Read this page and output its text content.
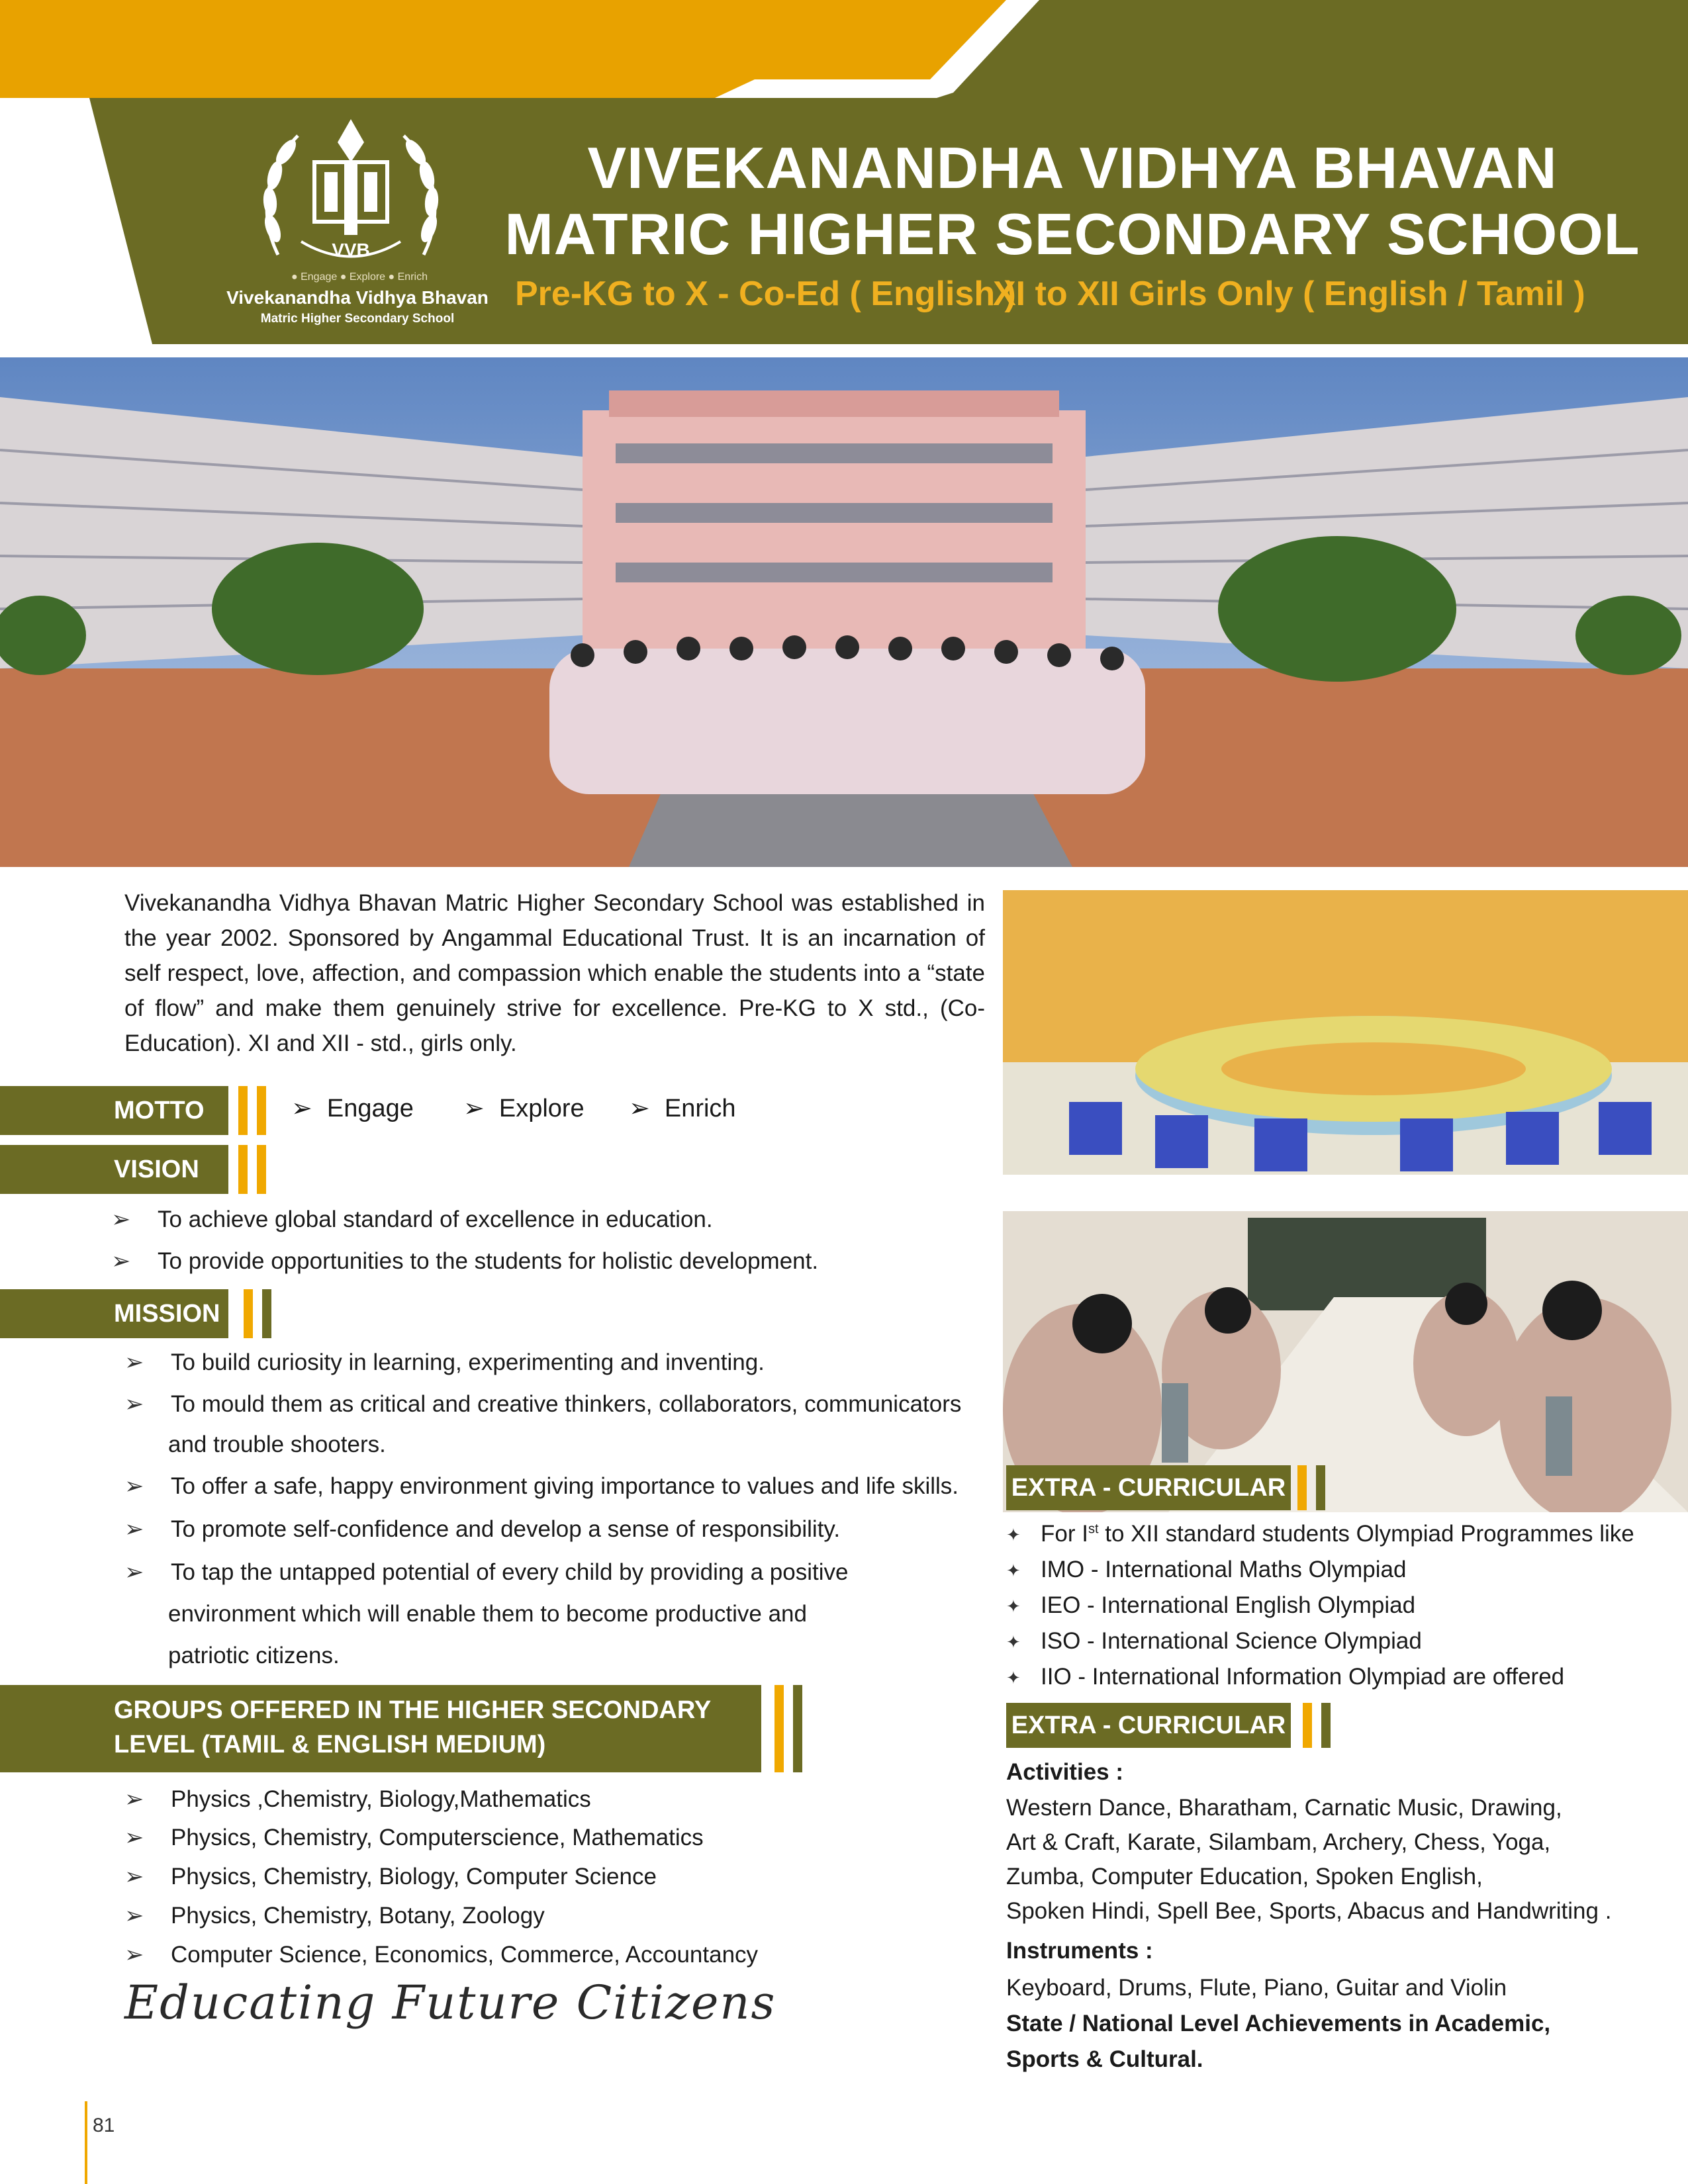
VVB
● Engage ● Explore ● Enrich
Vivekanandha Vidhya Bhavan
Matric Higher Secondary School
VIVEKANANDHA VIDHYA BHAVAN
MATRIC HIGHER SECONDARY SCHOOL
Pre-KG to X - Co-Ed ( English )
XI to XII Girls Only ( English / Tamil )
Vivekanandha Vidhya Bhavan Matric Higher Secondary School was established in the year 2002. Sponsored by Angammal Educational Trust. It is an incarnation of self respect, love, affection, and compassion which enable the students into a “state of flow” and make them genuinely strive for excellence. Pre-KG to X std., (Co-Education). XI and XII - std., girls only.
MOTTO	➢ Engage ➢ Explore ➢ Enrich
VISION
➢ To achieve global standard of excellence in education.
➢ To provide opportunities to the students for holistic development.
MISSION
➢ To build curiosity in learning, experimenting and inventing.
➢ To mould them as critical and creative thinkers, collaborators, communicators
and trouble shooters.
➢ To offer a safe, happy environment giving importance to values and life skills.
➢ To promote self-confidence and develop a sense of responsibility.
➢ To tap the untapped potential of every child by providing a positive
environment which will enable them to become productive and
patriotic citizens.
GROUPS OFFERED IN THE HIGHER SECONDARY
LEVEL (TAMIL & ENGLISH MEDIUM)
➢ Physics ,Chemistry, Biology,Mathematics
➢ Physics, Chemistry, Computerscience, Mathematics
➢ Physics, Chemistry, Biology, Computer Science
➢ Physics, Chemistry, Botany, Zoology
➢ Computer Science, Economics, Commerce, Accountancy
EXTRA - CURRICULAR
✦ For Ist to XII standard students Olympiad Programmes like
✦ IMO - International Maths Olympiad
✦ IEO - International English Olympiad
✦ ISO - International Science Olympiad
✦ IIO - International Information Olympiad are offered
EXTRA - CURRICULAR
Activities :
Western Dance, Bharatham, Carnatic Music, Drawing,
Art & Craft, Karate, Silambam, Archery, Chess, Yoga,
Zumba, Computer Education, Spoken English,
Spoken Hindi, Spell Bee, Sports, Abacus and Handwriting .
Instruments :
Keyboard, Drums, Flute, Piano, Guitar and Violin
State / National Level Achievements in Academic,
Sports & Cultural.
Educating Future Citizens
81
